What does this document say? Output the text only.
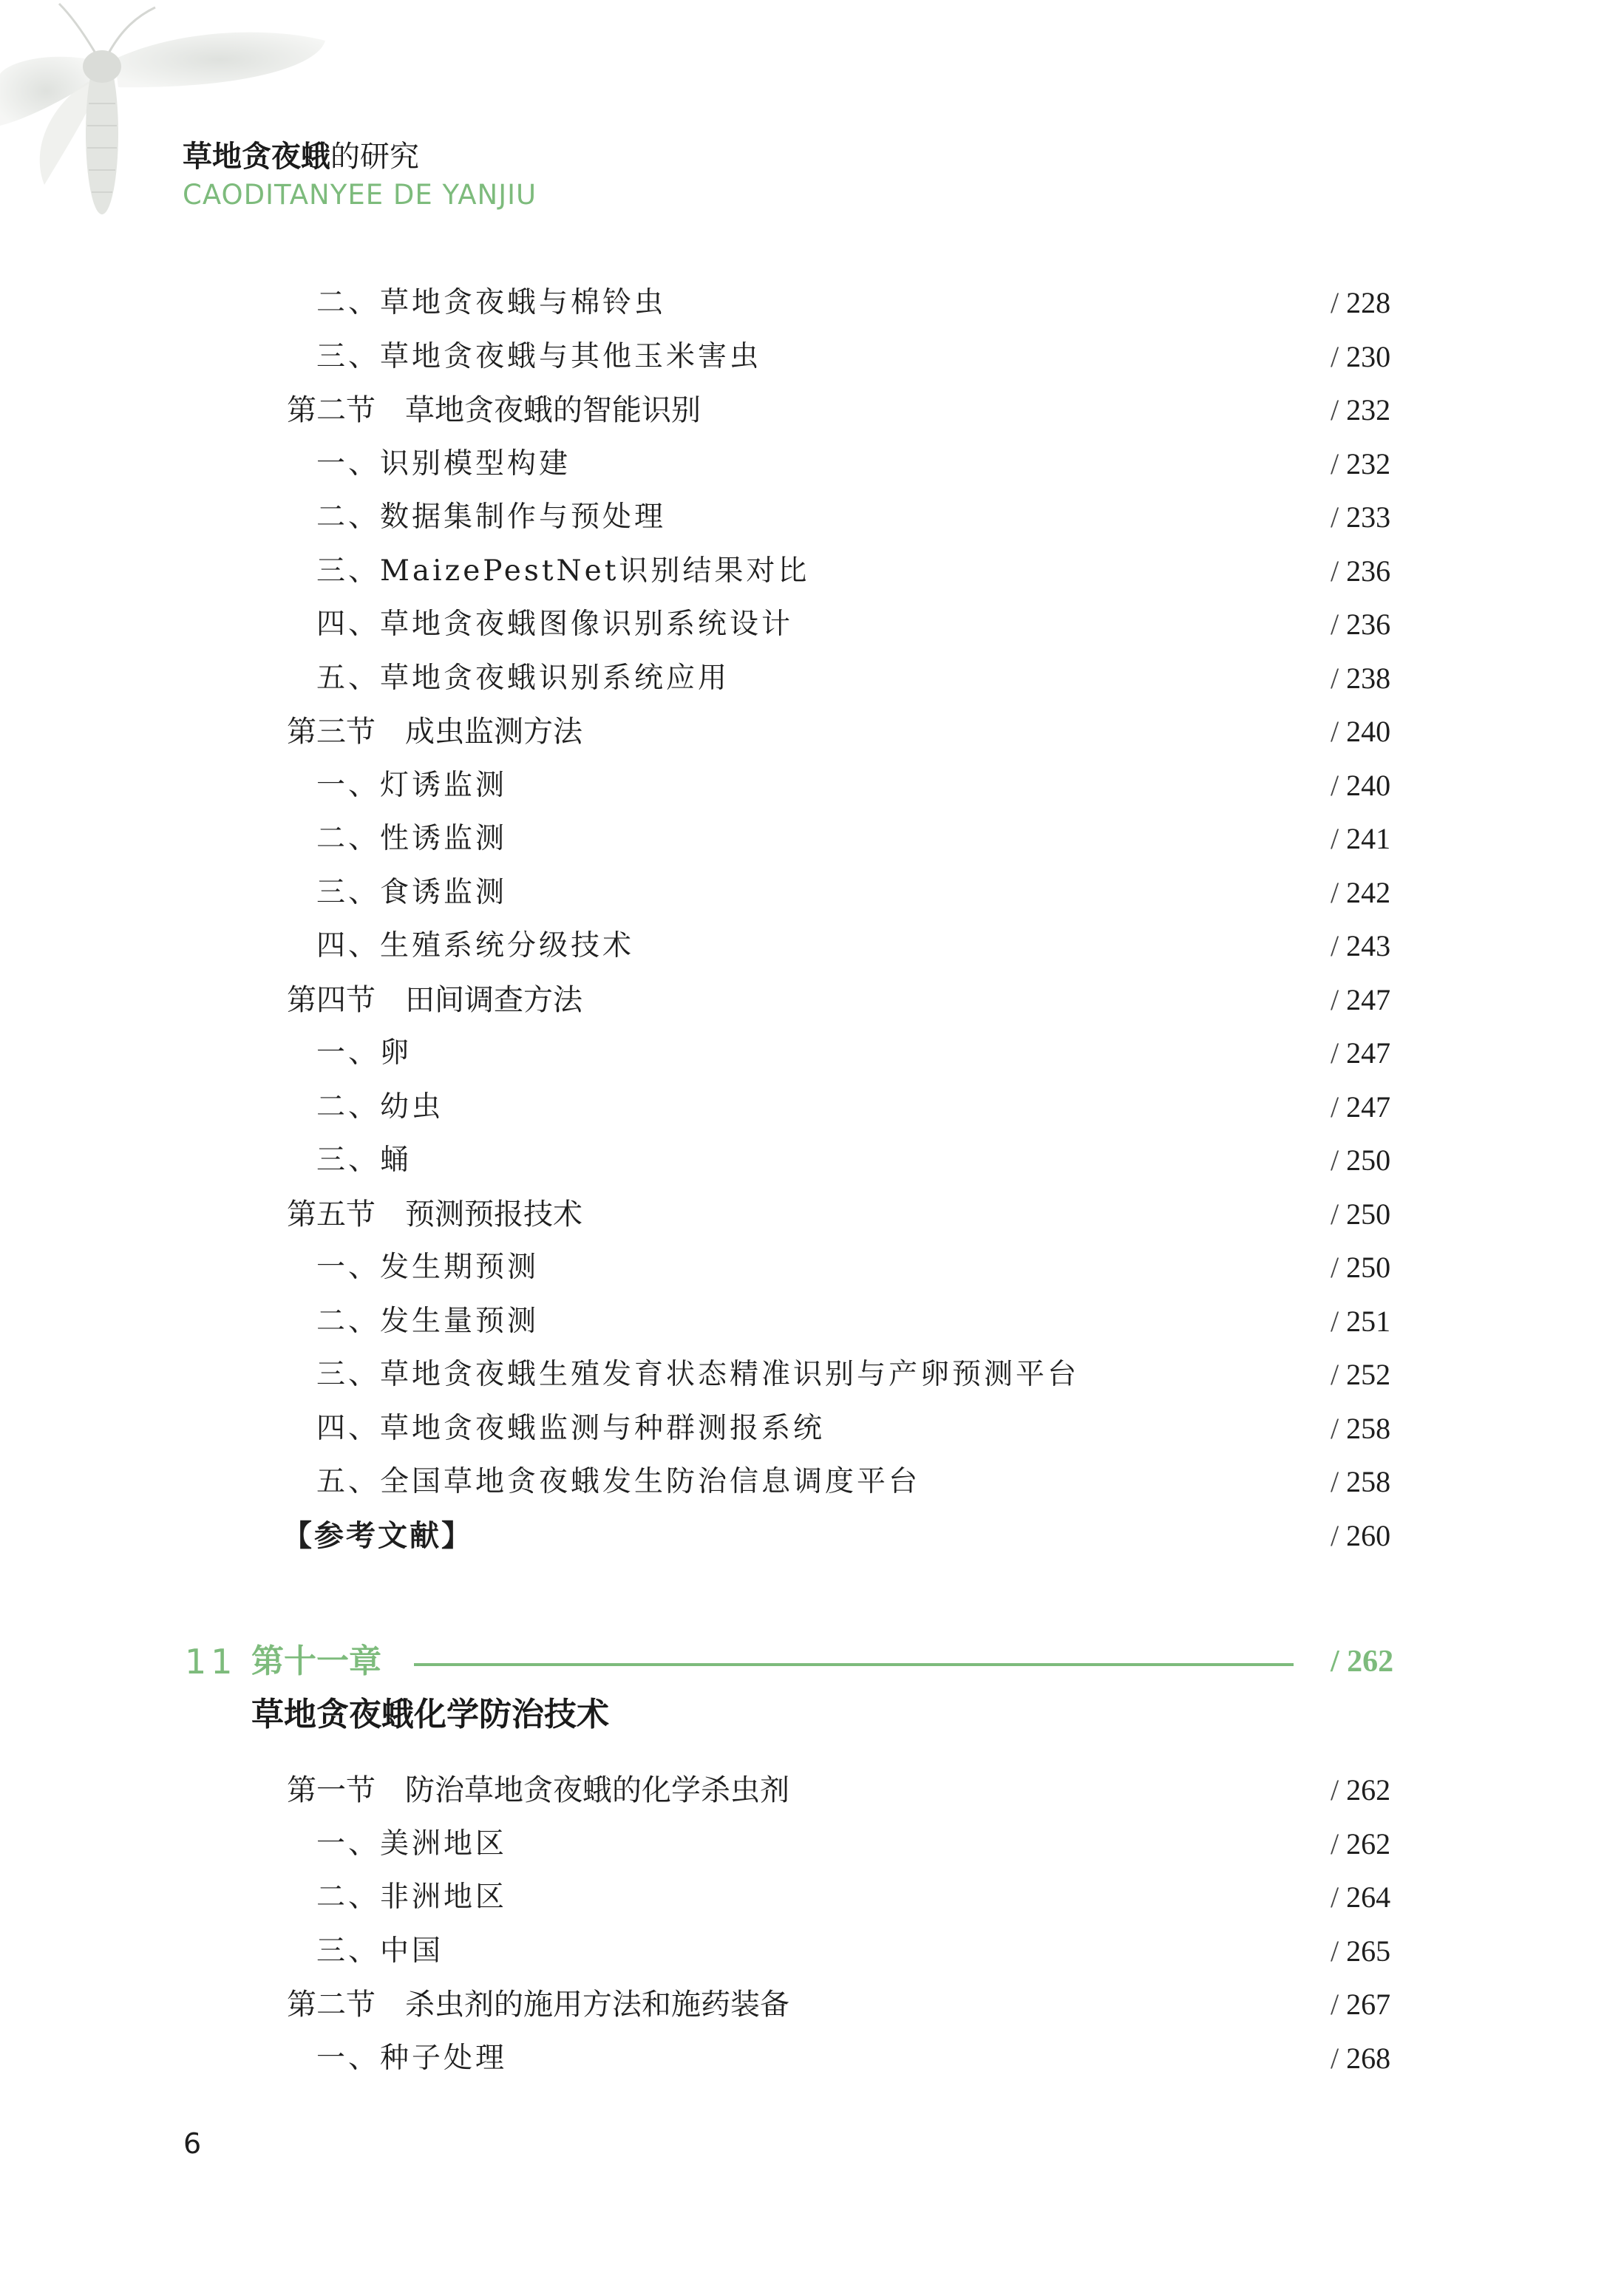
草地贪夜蛾的研究
CAODITANYEE DE YANJIU
二、草地贪夜蛾与棉铃虫	/ 228
三、草地贪夜蛾与其他玉米害虫	/ 230
第二节　草地贪夜蛾的智能识别	/ 232
一、识别模型构建	/ 232
二、数据集制作与预处理	/ 233
三、MaizePestNet识别结果对比	/ 236
四、草地贪夜蛾图像识别系统设计	/ 236
五、草地贪夜蛾识别系统应用	/ 238
第三节　成虫监测方法	/ 240
一、灯诱监测	/ 240
二、性诱监测	/ 241
三、食诱监测	/ 242
四、生殖系统分级技术	/ 243
第四节　田间调查方法	/ 247
一、卵	/ 247
二、幼虫	/ 247
三、蛹	/ 250
第五节　预测预报技术	/ 250
一、发生期预测	/ 250
二、发生量预测	/ 251
三、草地贪夜蛾生殖发育状态精准识别与产卵预测平台	/ 252
四、草地贪夜蛾监测与种群测报系统	/ 258
五、全国草地贪夜蛾发生防治信息调度平台	/ 258
【参考文献】	/ 260
第一节　防治草地贪夜蛾的化学杀虫剂	/ 262
一、美洲地区	/ 262
二、非洲地区	/ 264
三、中国	/ 265
第二节　杀虫剂的施用方法和施药装备	/ 267
一、种子处理	/ 268
11 第十一章	/ 262
草地贪夜蛾化学防治技术
6
